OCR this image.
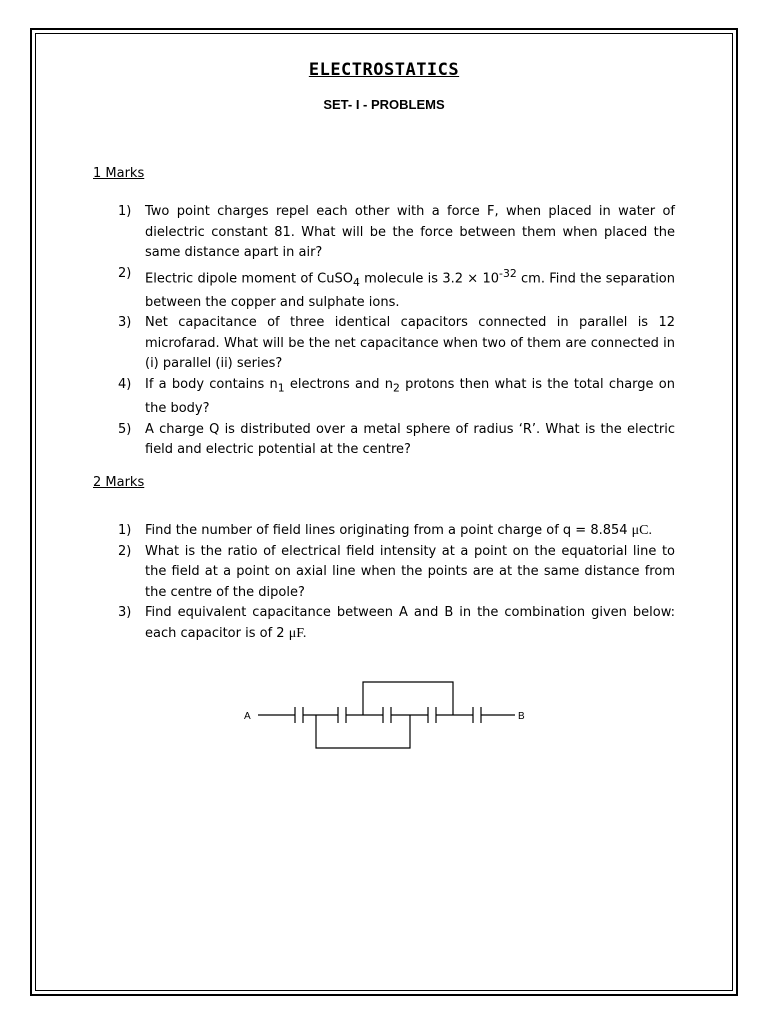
ELECTROSTATICS
SET- I - PROBLEMS
1 Marks
1) Two point charges repel each other with a force F, when placed in water of dielectric constant 81. What will be the force between them when placed the same distance apart in air?
2) Electric dipole moment of CuSO$_4$ molecule is $3.2 \times 10^{-32}$ cm. Find the separation between the copper and sulphate ions.
3) Net capacitance of three identical capacitors connected in parallel is 12 microfarad. What will be the net capacitance when two of them are connected in (i) parallel (ii) series?
4) If a body contains $n_1$ electrons and $n_2$ protons then what is the total charge on the body?
5) A charge Q is distributed over a metal sphere of radius ‘R’. What is the electric field and electric potential at the centre?
2 Marks
1) Find the number of field lines originating from a point charge of q = 8.854 μC.
2) What is the ratio of electrical field intensity at a point on the equatorial line to the field at a point on axial line when the points are at the same distance from the centre of the dipole?
3) Find equivalent capacitance between A and B in the combination given below: each capacitor is of 2 μF.
A	B
